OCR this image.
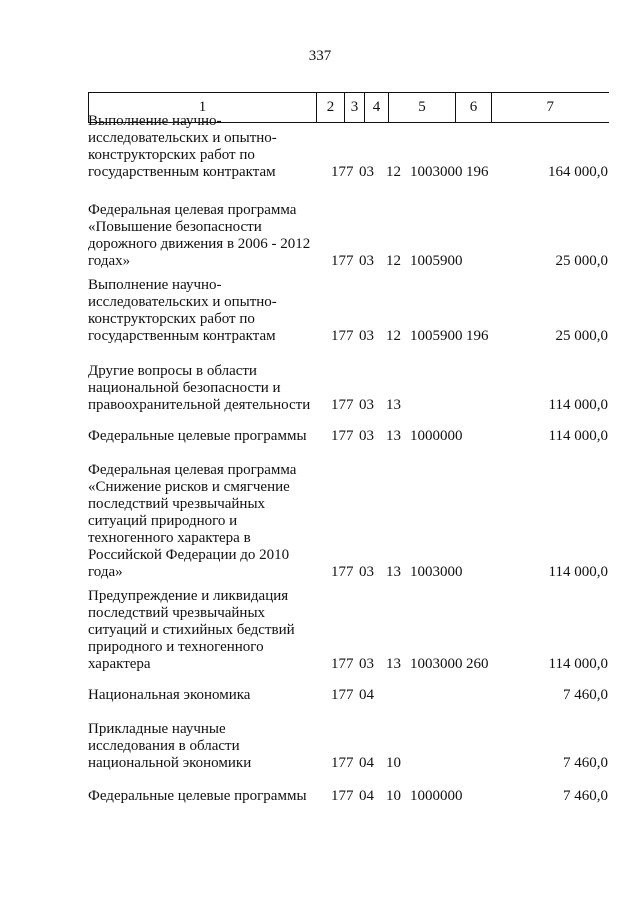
337
1	2	3	4	5	6	7
Выполнение научно-
исследовательских и опытно-
конструкторских работ по
государственным контрактам	177 03 12 1003000 196	164 000,0
Федеральная целевая программа
«Повышение безопасности
дорожного движения в 2006 - 2012
годах»	177 03 12 1005900	25 000,0
Выполнение научно-
исследовательских и опытно-
конструкторских работ по
государственным контрактам	177 03 12 1005900 196	25 000,0
Другие вопросы в области
национальной безопасности и
правоохранительной деятельности	177 03 13	114 000,0
Федеральные целевые программы	177 03 13 1000000	114 000,0
Федеральная целевая программа
«Снижение рисков и смягчение
последствий чрезвычайных
ситуаций природного и
техногенного характера в
Российской Федерации до 2010
года»	177 03 13 1003000	114 000,0
Предупреждение и ликвидация
последствий чрезвычайных
ситуаций и стихийных бедствий
природного и техногенного
характера	177 03 13 1003000 260	114 000,0
Национальная экономика	177 04	7 460,0
Прикладные научные
исследования в области
национальной экономики	177 04 10	7 460,0
Федеральные целевые программы	177 04 10 1000000	7 460,0
